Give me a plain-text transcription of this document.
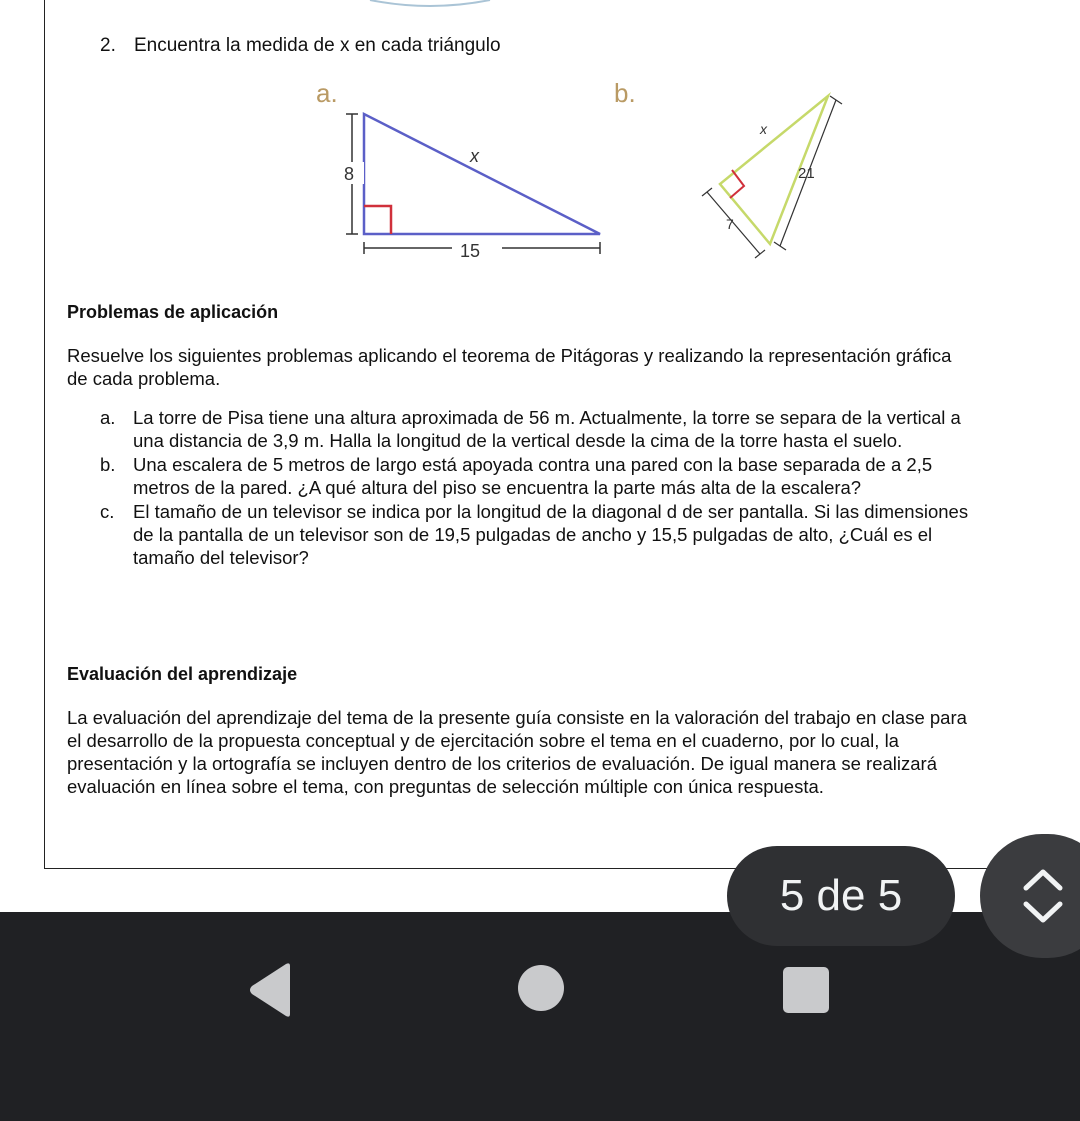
2. Encuentra la medida de x en cada triángulo
a.
8
15
x
b.
x
21
7
Problemas de aplicación
Resuelve los siguientes problemas aplicando el teorema de Pitágoras y realizando la representación gráfica
de cada problema.
a. La torre de Pisa tiene una altura aproximada de 56 m. Actualmente, la torre se separa de la vertical a
una distancia de 3,9 m. Halla la longitud de la vertical desde la cima de la torre hasta el suelo.
b. Una escalera de 5 metros de largo está apoyada contra una pared con la base separada de a 2,5
metros de la pared. ¿A qué altura del piso se encuentra la parte más alta de la escalera?
c. El tamaño de un televisor se indica por la longitud de la diagonal d de ser pantalla. Si las dimensiones
de la pantalla de un televisor son de 19,5 pulgadas de ancho y 15,5 pulgadas de alto, ¿Cuál es el
tamaño del televisor?
Evaluación del aprendizaje
La evaluación del aprendizaje del tema de la presente guía consiste en la valoración del trabajo en clase para
el desarrollo de la propuesta conceptual y de ejercitación sobre el tema en el cuaderno, por lo cual, la
presentación y la ortografía se incluyen dentro de los criterios de evaluación. De igual manera se realizará
evaluación en línea sobre el tema, con preguntas de selección múltiple con única respuesta.
5 de 5
